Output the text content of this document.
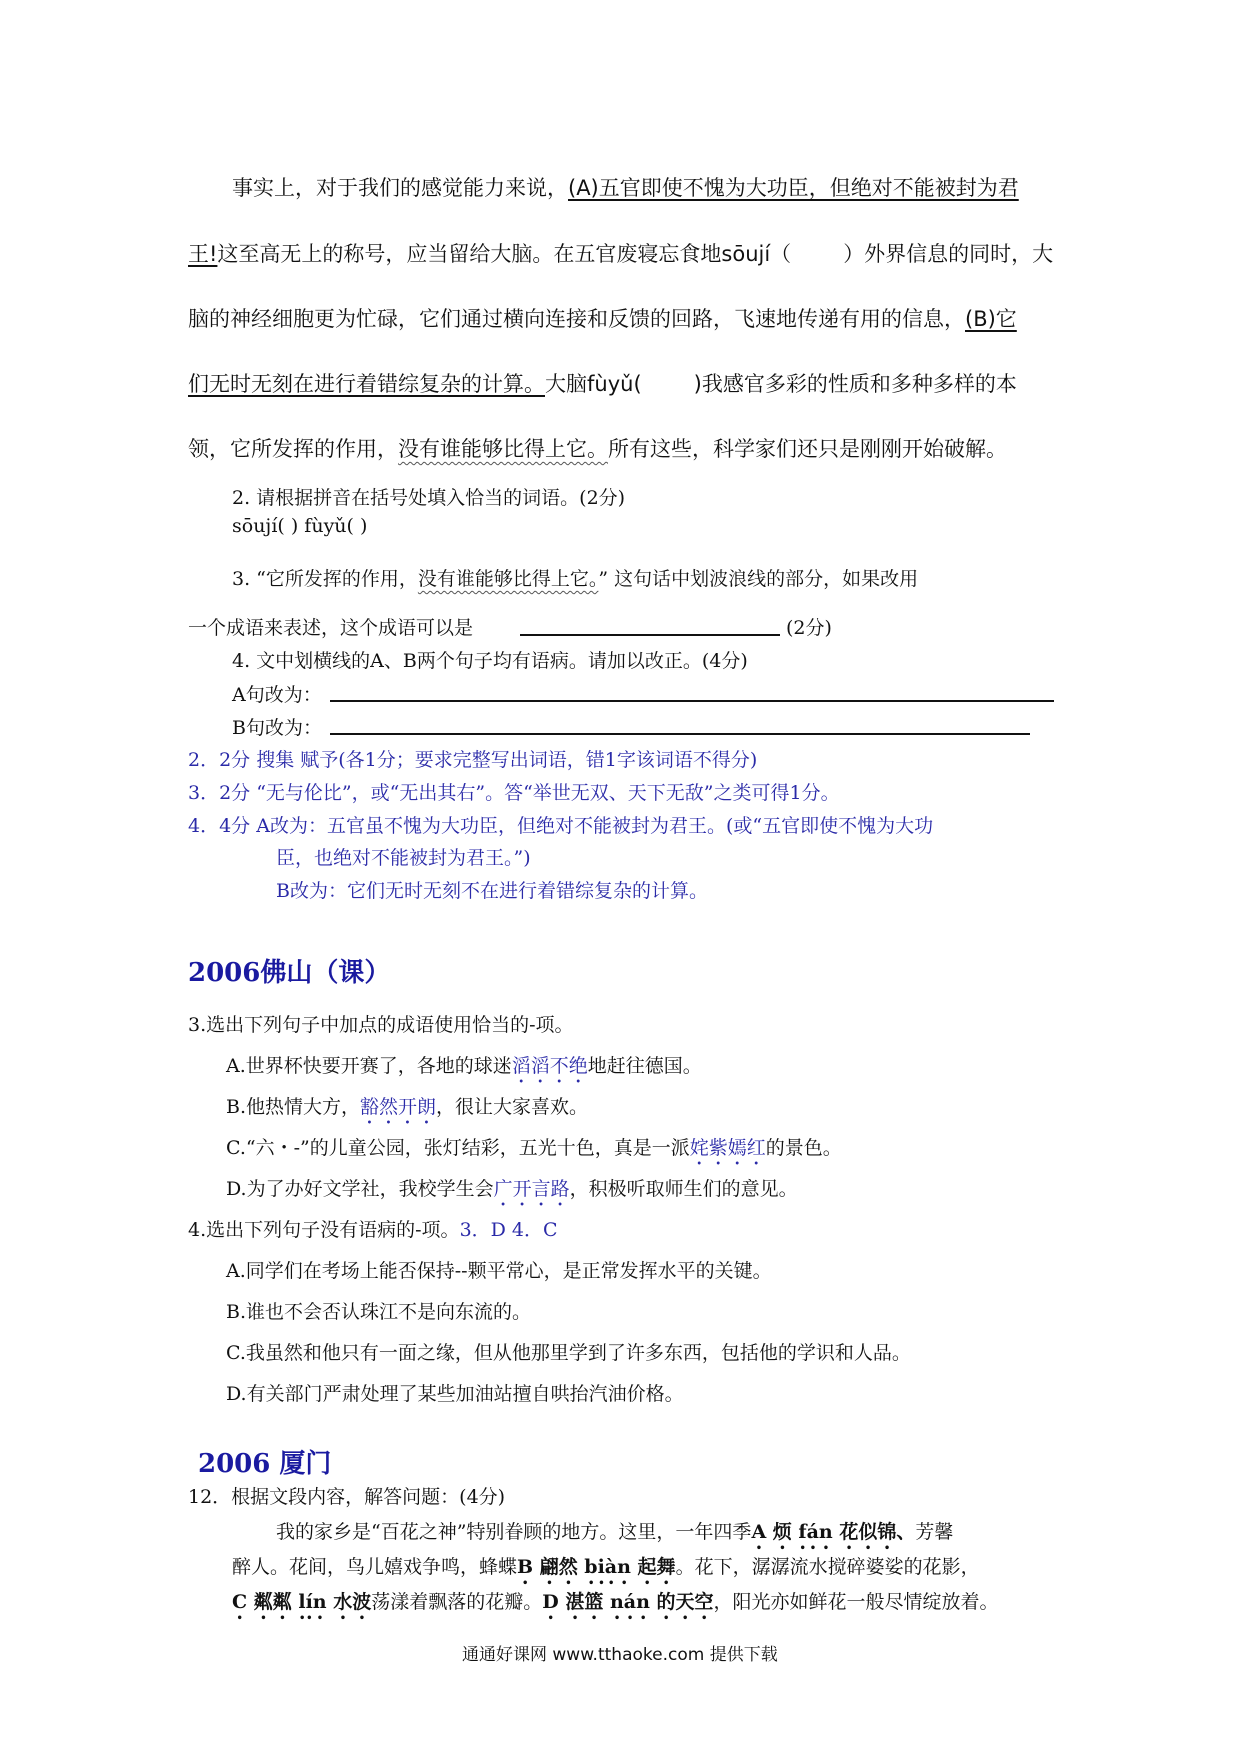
事实上，对于我们的感觉能力来说，(A)五官即使不愧为大功臣，但绝对不能被封为君
王!这至高无上的称号，应当留给大脑。在五官废寝忘食地sōují（ ）外界信息的同时，大
脑的神经细胞更为忙碌，它们通过横向连接和反馈的回路，飞速地传递有用的信息，(B)它
们无时无刻在进行着错综复杂的计算。大脑fùyǔ( )我感官多彩的性质和多种多样的本
领，它所发挥的作用，没有谁能够比得上它。所有这些，科学家们还只是刚刚开始破解。
2. 请根据拼音在括号处填入恰当的词语。(2分)
sōují( ) fùyǔ( )
3. “它所发挥的作用，没有谁能够比得上它。” 这句话中划波浪线的部分，如果改用
一个成语来表述，这个成语可以是	(2分)
4. 文中划横线的A、B两个句子均有语病。请加以改正。(4分)
A句改为：
B句改为：
2．2分 搜集 赋予(各1分；要求完整写出词语，错1字该词语不得分)
3．2分 “无与伦比”，或“无出其右”。答“举世无双、天下无敌”之类可得1分。
4．4分 A改为：五官虽不愧为大功臣，但绝对不能被封为君王。(或“五官即使不愧为大功
臣，也绝对不能被封为君王。”)
B改为：它们无时无刻不在进行着错综复杂的计算。
2006佛山（课）
3.选出下列句子中加点的成语使用恰当的-项。
A.世界杯快要开赛了，各地的球迷滔滔不绝地赶往德国。
B.他热情大方，豁然开朗，很让大家喜欢。
C.“六・-”的儿童公园，张灯结彩，五光十色，真是一派姹紫嫣红的景色。
D.为了办好文学社，我校学生会广开言路，积极听取师生们的意见。
4.选出下列句子没有语病的-项。3．D 4．C
A.同学们在考场上能否保持--颗平常心，是正常发挥水平的关键。
B.谁也不会否认珠江不是向东流的。
C.我虽然和他只有一面之缘，但从他那里学到了许多东西，包括他的学识和人品。
D.有关部门严肃处理了某些加油站擅自哄抬汽油价格。
2006 厦门
12．根据文段内容，解答问题：(4分)
我的家乡是“百花之神”特别眷顾的地方。这里，一年四季A 烦 fán 花似锦、芳馨
醉人。花间，鸟儿嬉戏争鸣，蜂蝶B 翩然 biàn 起舞。花下，潺潺流水搅碎婆娑的花影，
C 粼粼 lín 水波荡漾着飘落的花瓣。D 湛篮 nán 的天空，阳光亦如鲜花一般尽情绽放着。
通通好课网 www.tthaoke.com 提供下载
